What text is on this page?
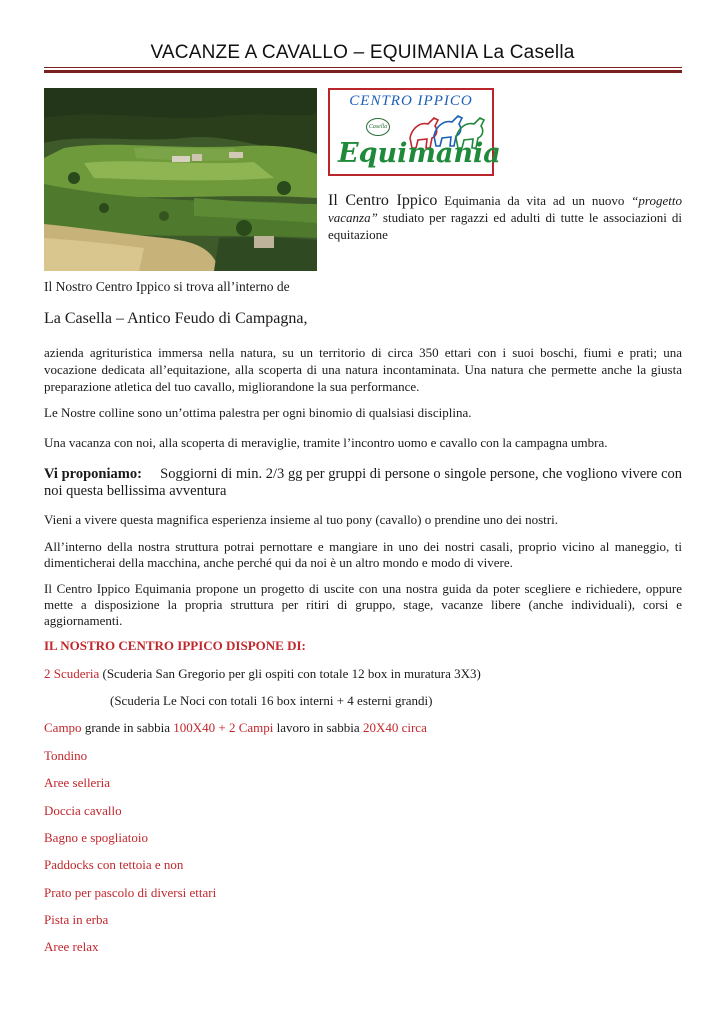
VACANZE A CAVALLO – EQUIMANIA La Casella
CENTRO IPPICO
Casella
Equimania
Il Centro Ippico Equimania da vita ad un nuovo “progetto vacanza” studiato per ragazzi ed adulti di tutte le associazioni di equitazione
Il Nostro Centro Ippico si trova all’interno de
La Casella – Antico Feudo di Campagna,
azienda agrituristica immersa nella natura, su un territorio di circa 350 ettari con i suoi boschi, fiumi e prati; una vocazione dedicata all’equitazione, alla scoperta di una natura incontaminata. Una natura che permette anche la giusta preparazione atletica del tuo cavallo, migliorandone la sua performance.
Le Nostre colline sono un’ottima palestra per ogni binomio di qualsiasi disciplina.
Una vacanza con noi, alla scoperta di meraviglie, tramite l’incontro uomo e cavallo con la campagna umbra.
Vi proponiamo: Soggiorni di min. 2/3 gg per gruppi di persone o singole persone, che vogliono vivere con noi questa bellissima avventura
Vieni a vivere questa magnifica esperienza insieme al tuo pony (cavallo) o prendine uno dei nostri.
All’interno della nostra struttura potrai pernottare e mangiare in uno dei nostri casali, proprio vicino al maneggio, ti dimenticherai della macchina, anche perché qui da noi è un altro mondo e modo di vivere.
Il Centro Ippico Equimania propone un progetto di uscite con una nostra guida da poter scegliere e richiedere, oppure mette a disposizione la propria struttura per ritiri di gruppo, stage, vacanze libere (anche individuali), corsi e aggiornamenti.
IL NOSTRO CENTRO IPPICO DISPONE DI:
2 Scuderia (Scuderia San Gregorio per gli ospiti con totale 12 box in muratura 3X3)
(Scuderia Le Noci con totali 16 box interni + 4 esterni grandi)
Campo grande in sabbia 100X40 + 2 Campi lavoro in sabbia 20X40 circa
Tondino
Aree selleria
Doccia cavallo
Bagno e spogliatoio
Paddocks con tettoia e non
Prato per pascolo di diversi ettari
Pista in erba
Aree relax
